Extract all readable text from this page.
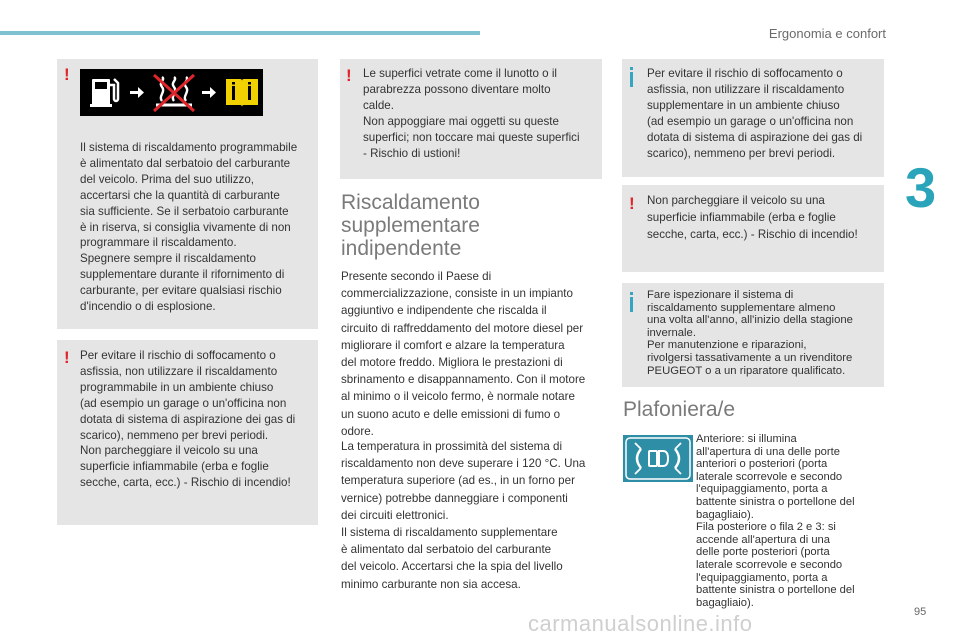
Ergonomia e confort
3
95
carmanualsonline.info
!

Il sistema di riscaldamento programmabile
è alimentato dal serbatoio del carburante
del veicolo. Prima del suo utilizzo,
accertarsi che la quantità di carburante
sia sufficiente. Se il serbatoio carburante
è in riserva, si consiglia vivamente di non
programmare il riscaldamento.
Spegnere sempre il riscaldamento
supplementare durante il rifornimento di
carburante, per evitare qualsiasi rischio
d'incendio o di esplosione.

! Per evitare il rischio di soffocamento o
asfissia, non utilizzare il riscaldamento
programmabile in un ambiente chiuso
(ad esempio un garage o un'officina non
dotata di sistema di aspirazione dei gas di
scarico), nemmeno per brevi periodi.
Non parcheggiare il veicolo su una
superficie infiammabile (erba e foglie
secche, carta, ecc.) - Rischio di incendio!

! Le superfici vetrate come il lunotto o il
parabrezza possono diventare molto
calde.
Non appoggiare mai oggetti su queste
superfici; non toccare mai queste superfici
- Rischio di ustioni!

Riscaldamento
supplementare
indipendente

Presente secondo il Paese di
commercializzazione, consiste in un impianto
aggiuntivo e indipendente che riscalda il
circuito di raffreddamento del motore diesel per
migliorare il comfort e alzare la temperatura
del motore freddo. Migliora le prestazioni di
sbrinamento e disappannamento. Con il motore
al minimo o il veicolo fermo, è normale notare
un suono acuto e delle emissioni di fumo o
odore.

La temperatura in prossimità del sistema di
riscaldamento non deve superare i 120 °C. Una
temperatura superiore (ad es., in un forno per
vernice) potrebbe danneggiare i componenti
dei circuiti elettronici.
Il sistema di riscaldamento supplementare
è alimentato dal serbatoio del carburante
del veicolo. Accertarsi che la spia del livello
minimo carburante non sia accesa.

Per evitare il rischio di soffocamento o
asfissia, non utilizzare il riscaldamento
supplementare in un ambiente chiuso
(ad esempio un garage o un'officina non
dotata di sistema di aspirazione dei gas di
scarico), nemmeno per brevi periodi.

! Non parcheggiare il veicolo su una
superficie infiammabile (erba e foglie
secche, carta, ecc.) - Rischio di incendio!

Fare ispezionare il sistema di
riscaldamento supplementare almeno
una volta all'anno, all'inizio della stagione
invernale.
Per manutenzione e riparazioni,
rivolgersi tassativamente a un rivenditore
PEUGEOT o a un riparatore qualificato.

Plafoniera/e

Anteriore: si illumina
all'apertura di una delle porte
anteriori o posteriori (porta
laterale scorrevole e secondo
l'equipaggiamento, porta a
battente sinistra o portellone del
bagagliaio).
Fila posteriore o fila 2 e 3: si
accende all'apertura di una
delle porte posteriori (porta
laterale scorrevole e secondo
l'equipaggiamento, porta a
battente sinistra o portellone del
bagagliaio).
